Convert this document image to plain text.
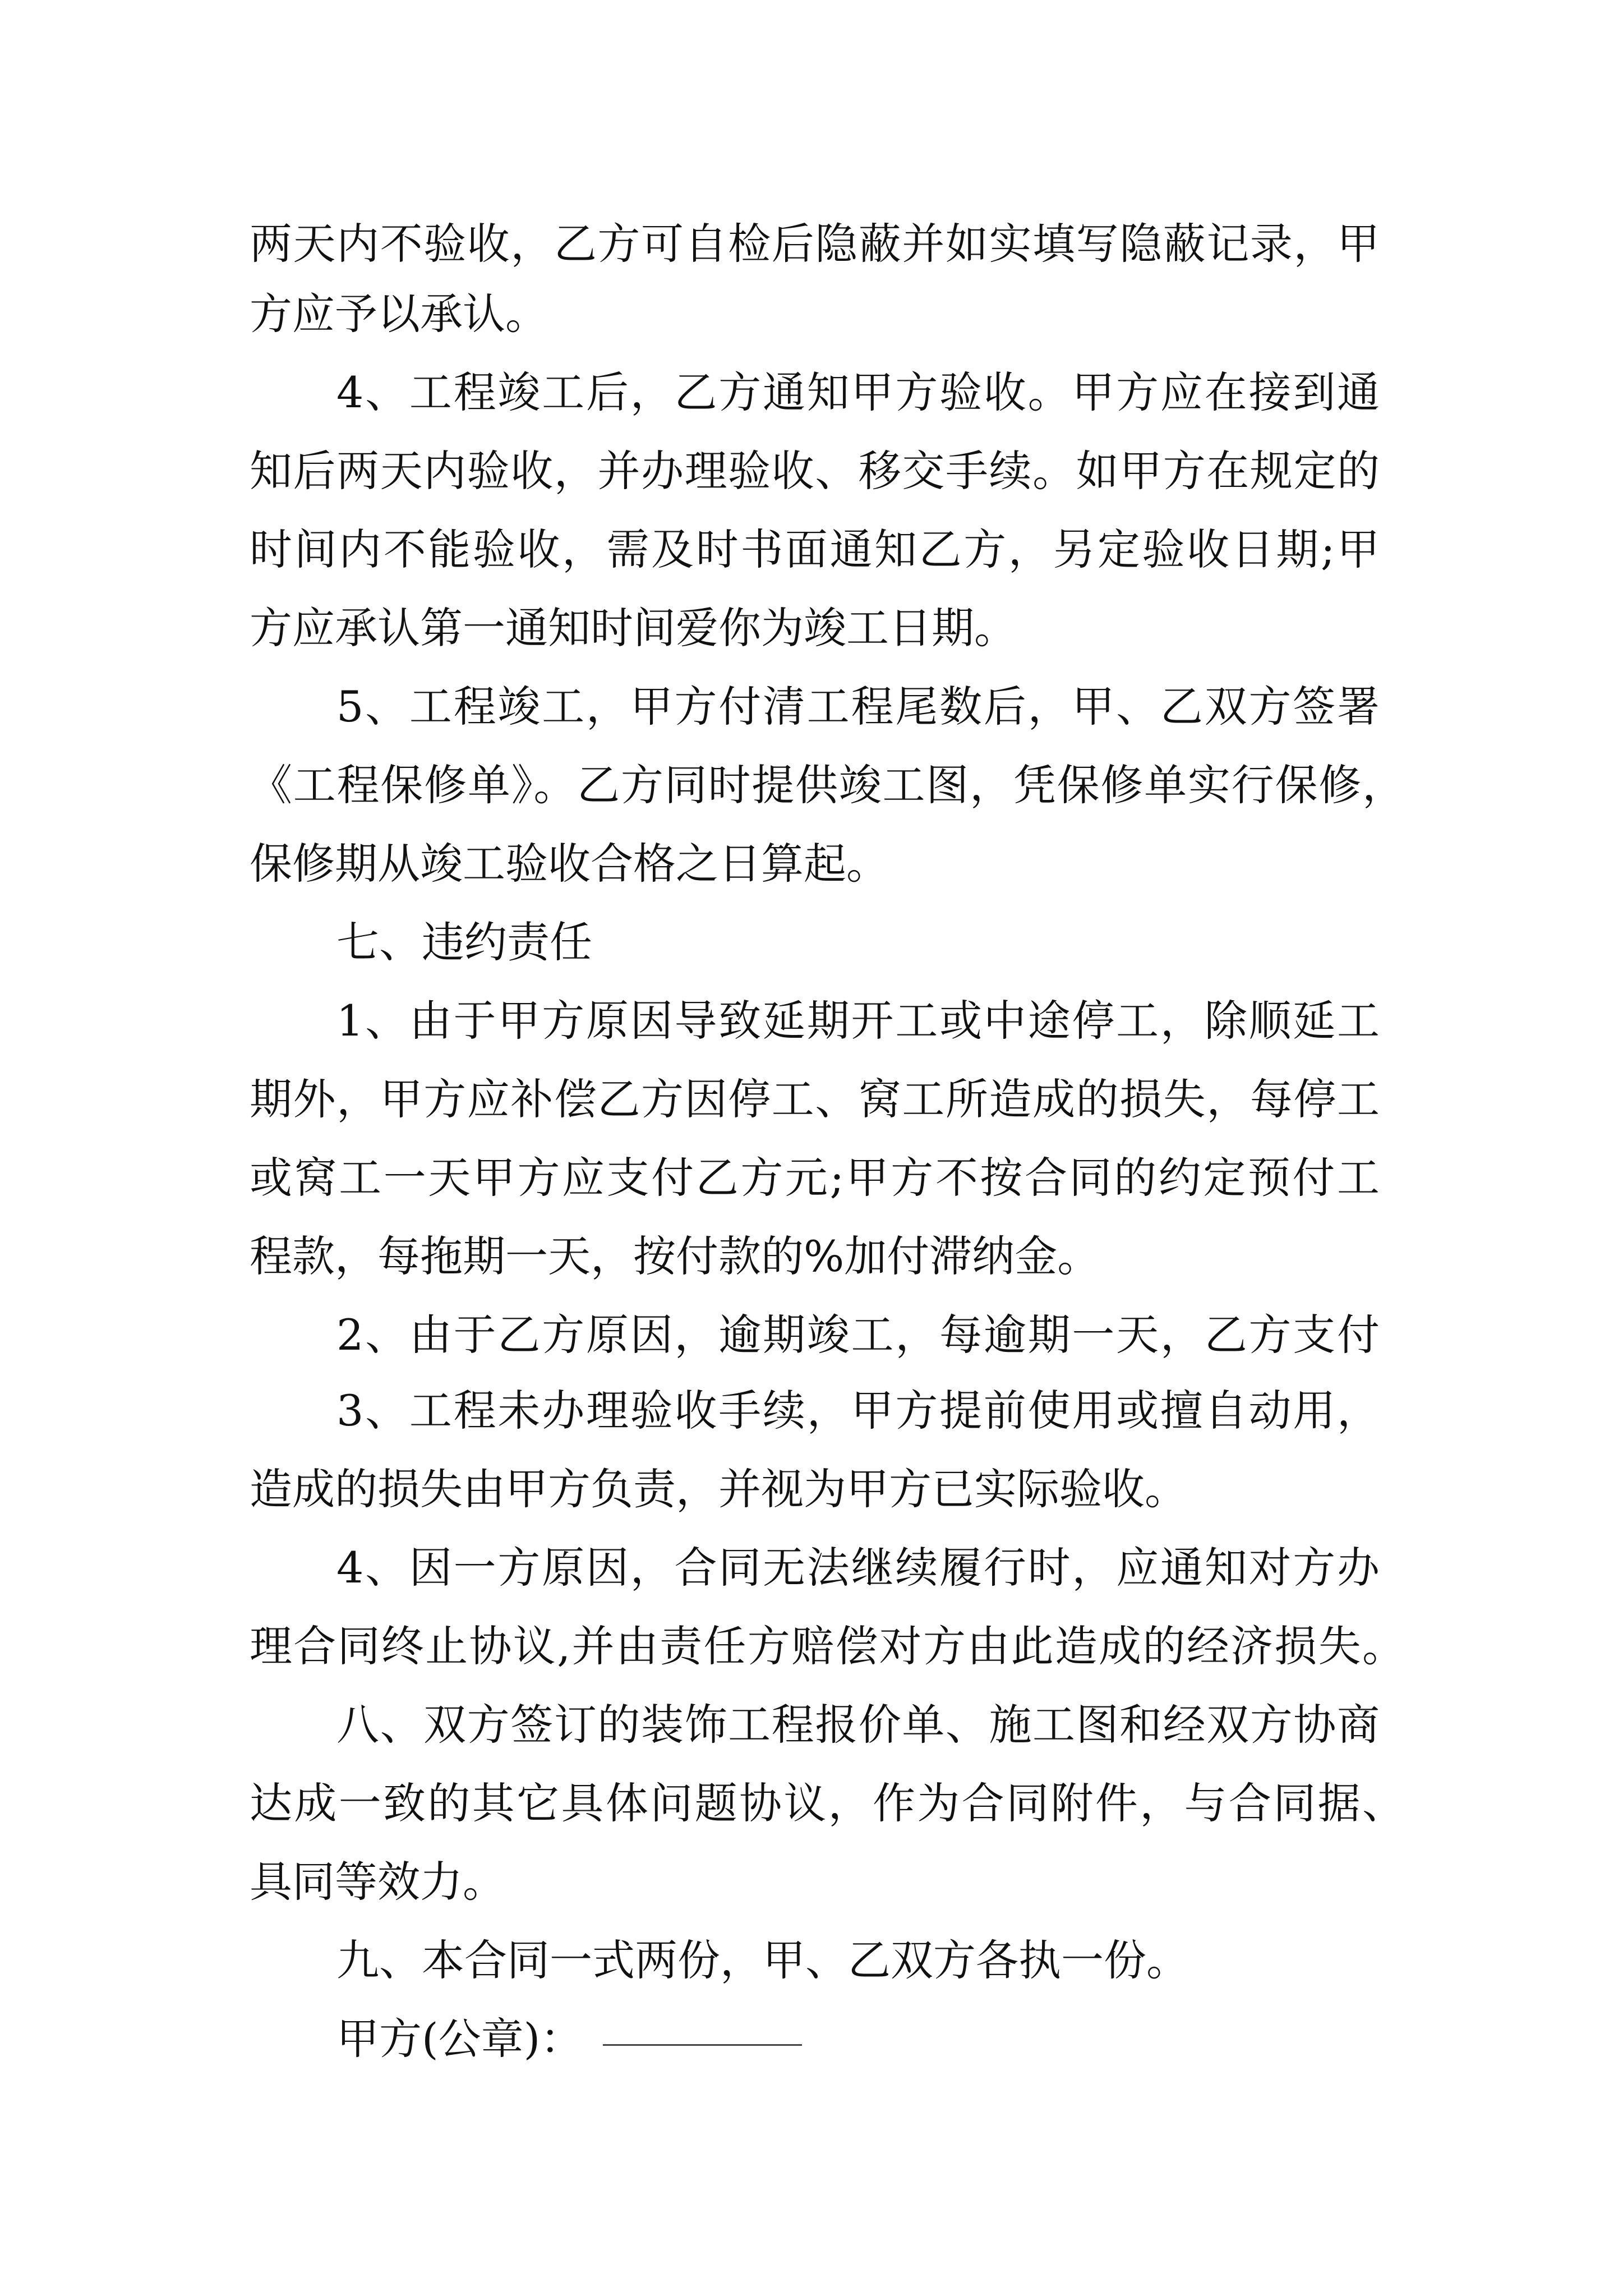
两天内不验收，乙方可自检后隐蔽并如实填写隐蔽记录，甲
方应予以承认。
4、工程竣工后，乙方通知甲方验收。甲方应在接到通
知后两天内验收，并办理验收、移交手续。如甲方在规定的
时间内不能验收，需及时书面通知乙方，另定验收日期;甲
方应承认第一通知时间爱你为竣工日期。
5、工程竣工，甲方付清工程尾数后，甲、乙双方签署
《工程保修单》。乙方同时提供竣工图，凭保修单实行保修，
保修期从竣工验收合格之日算起。
七、违约责任
1、由于甲方原因导致延期开工或中途停工，除顺延工
期外，甲方应补偿乙方因停工、窝工所造成的损失，每停工
或窝工一天甲方应支付乙方元;甲方不按合同的约定预付工
程款，每拖期一天，按付款的%加付滞纳金。
2、由于乙方原因，逾期竣工，每逾期一天，乙方支付
3、工程未办理验收手续，甲方提前使用或擅自动用，
造成的损失由甲方负责，并视为甲方已实际验收。
4、因一方原因，合同无法继续履行时，应通知对方办
理合同终止协议,并由责任方赔偿对方由此造成的经济损失。
八、双方签订的装饰工程报价单、施工图和经双方协商
达成一致的其它具体问题协议，作为合同附件，与合同据、
具同等效力。
九、本合同一式两份，甲、乙双方各执一份。
甲方(公章)：
